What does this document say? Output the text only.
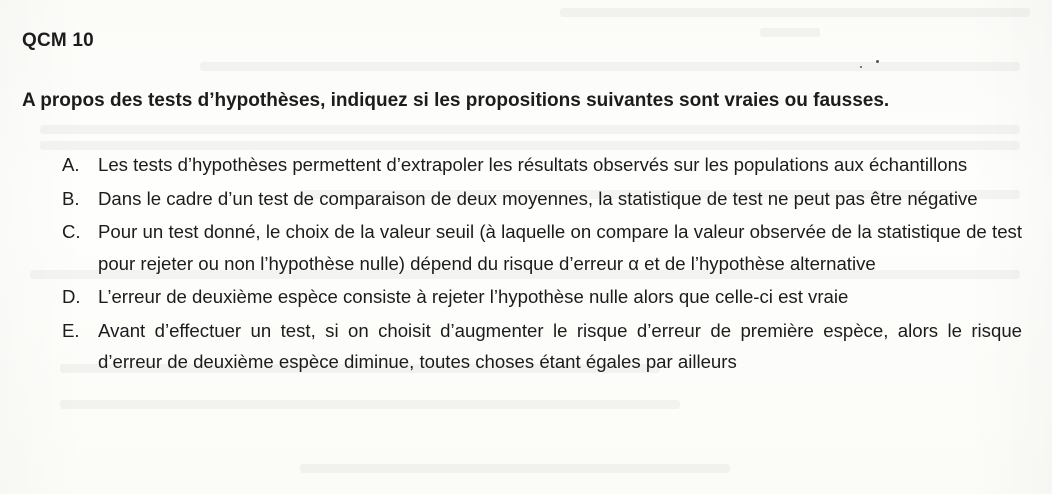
QCM 10
A propos des tests d’hypothèses, indiquez si les propositions suivantes sont vraies ou fausses.
A. Les tests d’hypothèses permettent d’extrapoler les résultats observés sur les populations aux échantillons
B. Dans le cadre d’un test de comparaison de deux moyennes, la statistique de test ne peut pas être négative
C. Pour un test donné, le choix de la valeur seuil (à laquelle on compare la valeur observée de la statistique de test pour rejeter ou non l’hypothèse nulle) dépend du risque d’erreur α et de l’hypothèse alternative
D. L’erreur de deuxième espèce consiste à rejeter l’hypothèse nulle alors que celle-ci est vraie
E. Avant d’effectuer un test, si on choisit d’augmenter le risque d’erreur de première espèce, alors le risque d’erreur de deuxième espèce diminue, toutes choses étant égales par ailleurs
